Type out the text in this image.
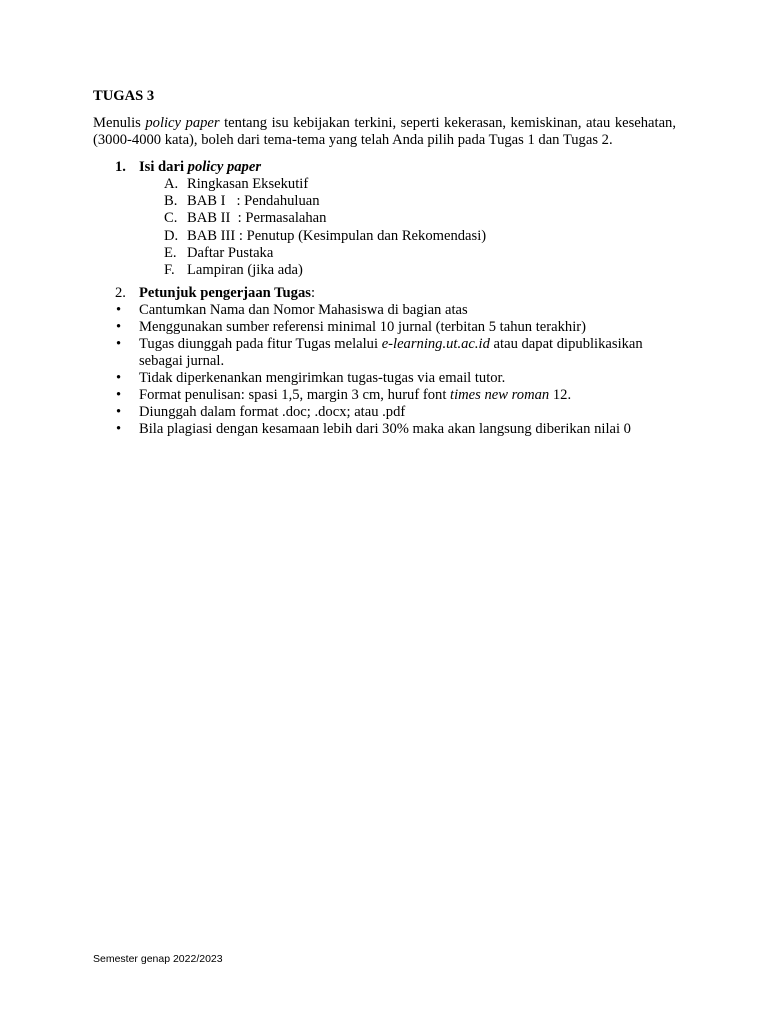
TUGAS 3
Menulis policy paper tentang isu kebijakan terkini, seperti kekerasan, kemiskinan, atau kesehatan,
(3000-4000 kata), boleh dari tema-tema yang telah Anda pilih pada Tugas 1 dan Tugas 2.
1. Isi dari policy paper
A. Ringkasan Eksekutif
B. BAB I   : Pendahuluan
C. BAB II  : Permasalahan
D. BAB III : Penutup (Kesimpulan dan Rekomendasi)
E. Daftar Pustaka
F. Lampiran (jika ada)
2. Petunjuk pengerjaan Tugas:
• Cantumkan Nama dan Nomor Mahasiswa di bagian atas
• Menggunakan sumber referensi minimal 10 jurnal (terbitan 5 tahun terakhir)
• Tugas diunggah pada fitur Tugas melalui e-learning.ut.ac.id atau dapat dipublikasikan sebagai jurnal.
• Tidak diperkenankan mengirimkan tugas-tugas via email tutor.
• Format penulisan: spasi 1,5, margin 3 cm, huruf font times new roman 12.
• Diunggah dalam format .doc; .docx; atau .pdf
• Bila plagiasi dengan kesamaan lebih dari 30% maka akan langsung diberikan nilai 0
Semester genap 2022/2023
